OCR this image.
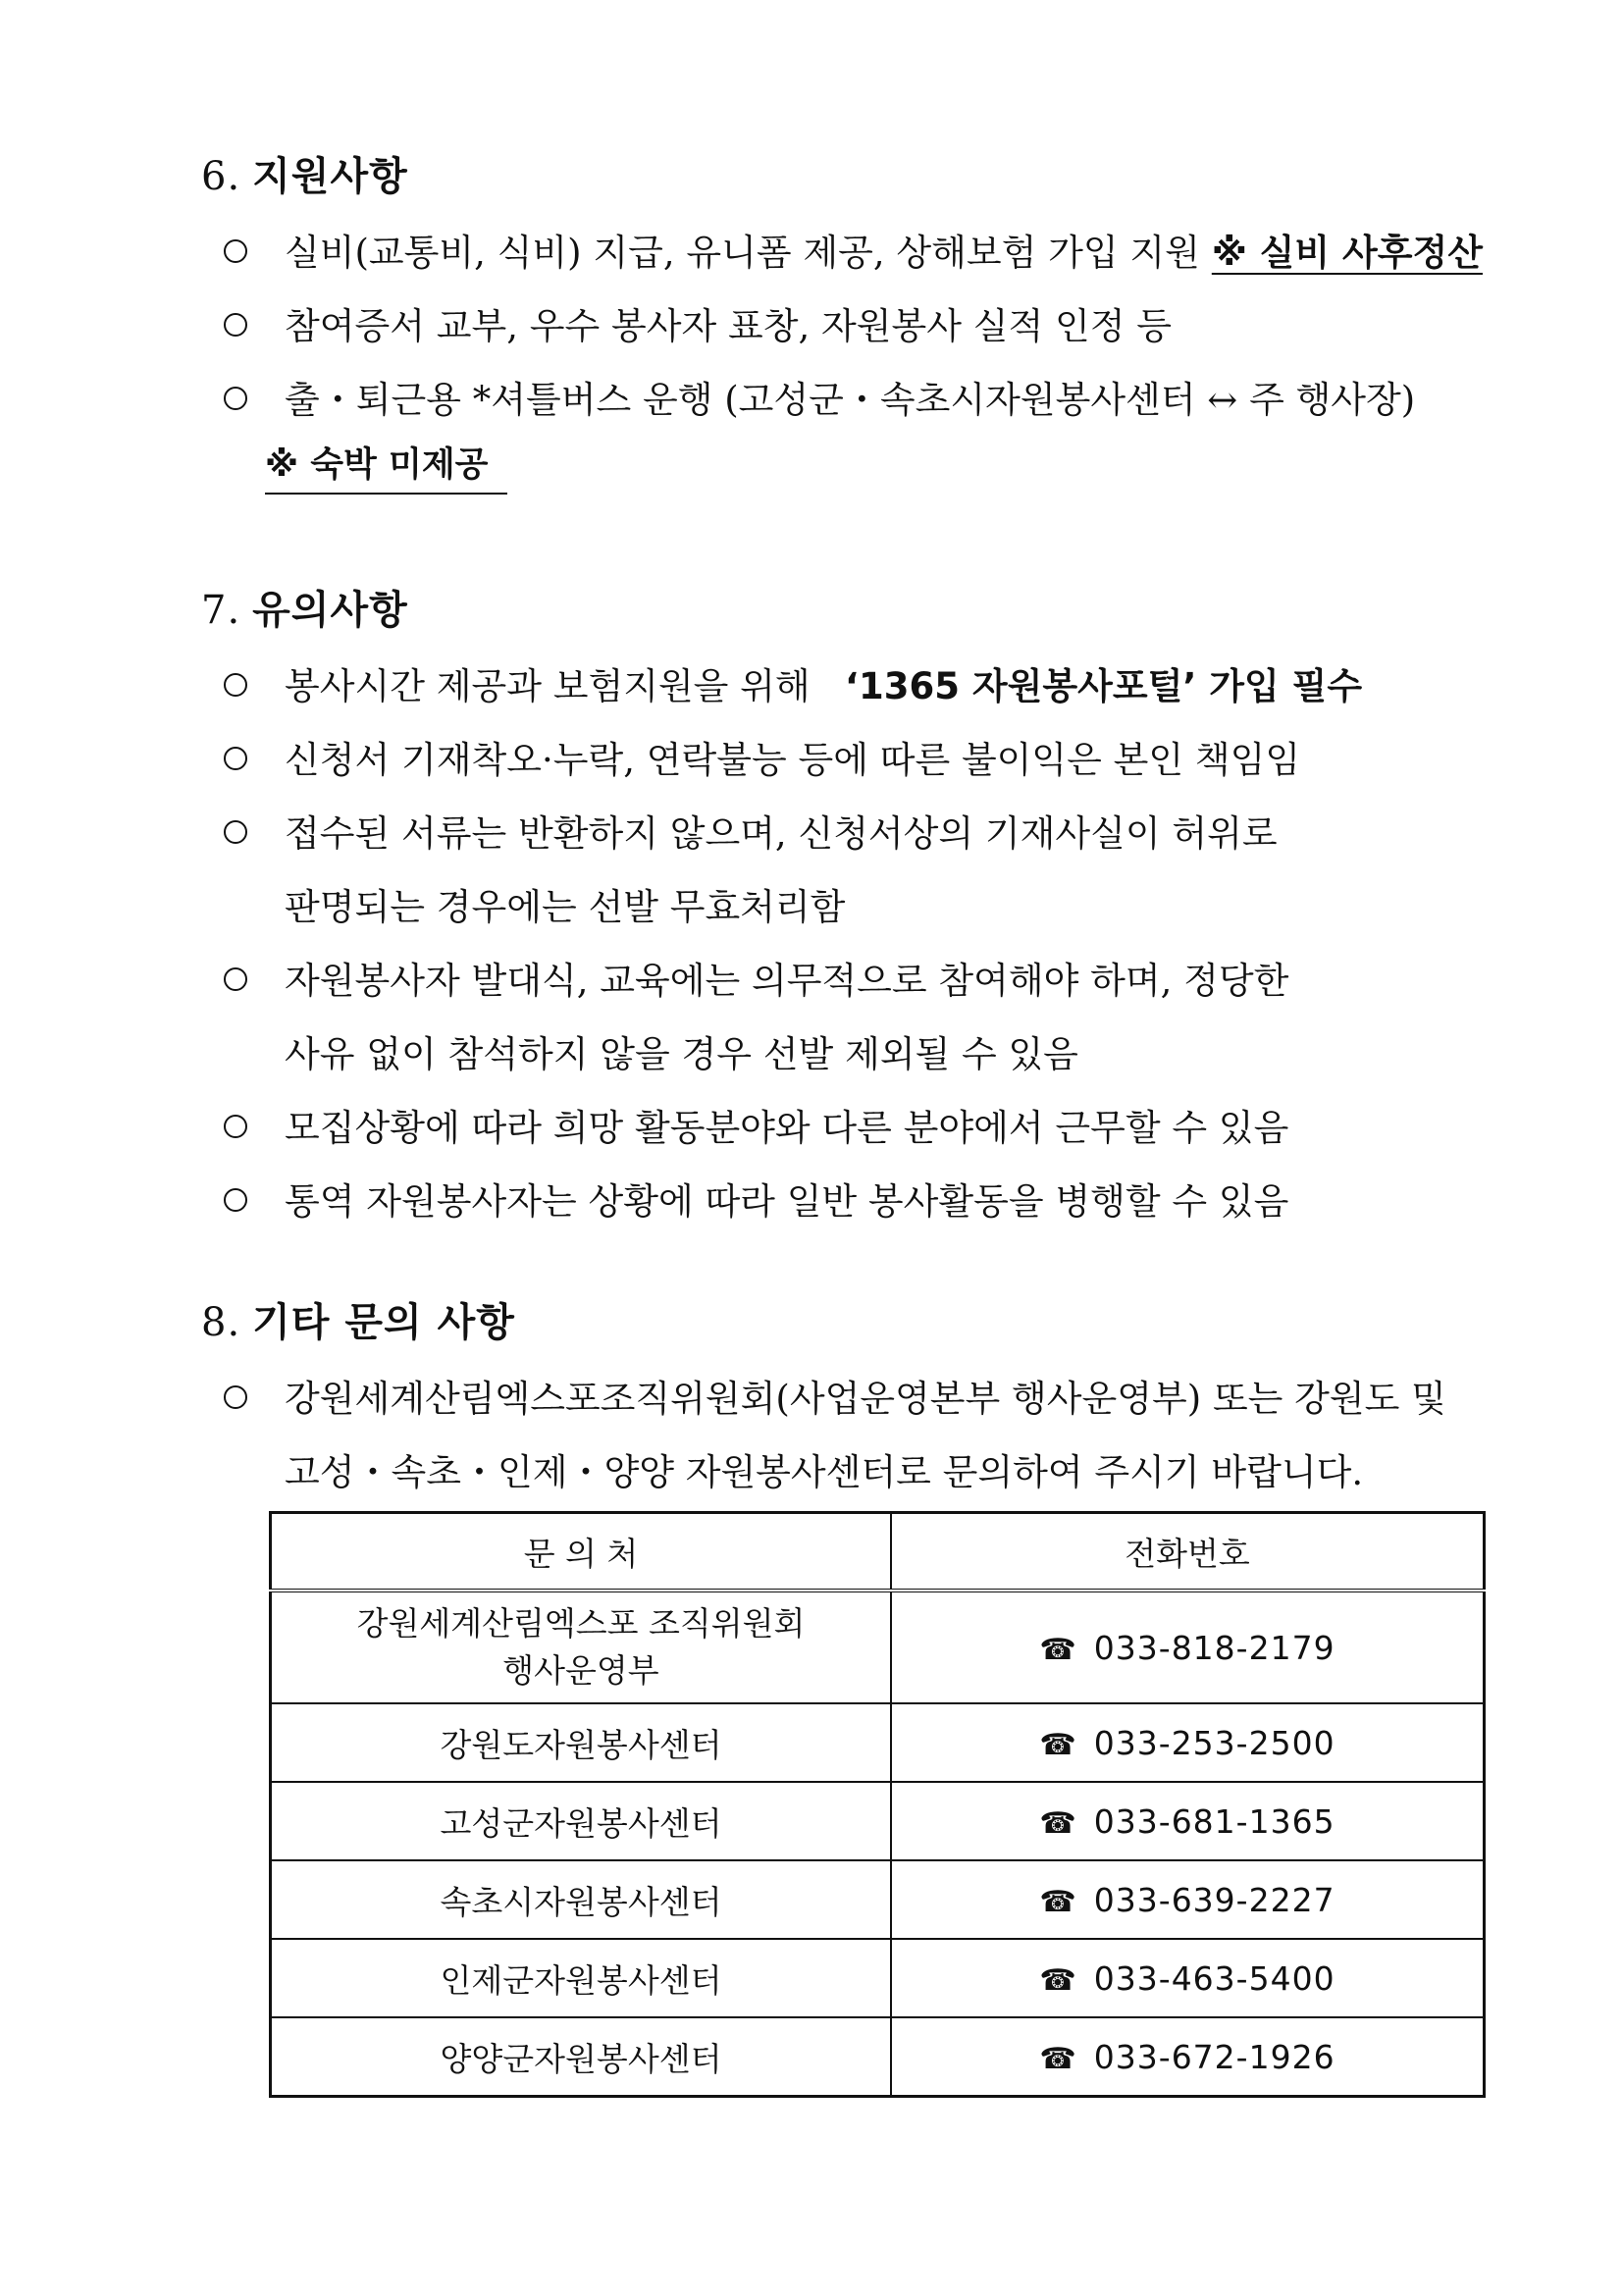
6. 지원사항
실비(교통비, 식비) 지급, 유니폼 제공, 상해보험 가입 지원 ※ 실비 사후정산
참여증서 교부, 우수 봉사자 표창, 자원봉사 실적 인정 등
출・퇴근용 *셔틀버스 운행 (고성군・속초시자원봉사센터 ↔ 주 행사장)
※ 숙박 미제공
7. 유의사항
봉사시간 제공과 보험지원을 위해 ‘1365 자원봉사포털’ 가입 필수
신청서 기재착오·누락, 연락불능 등에 따른 불이익은 본인 책임임
접수된 서류는 반환하지 않으며, 신청서상의 기재사실이 허위로
판명되는 경우에는 선발 무효처리함
자원봉사자 발대식, 교육에는 의무적으로 참여해야 하며, 정당한
사유 없이 참석하지 않을 경우 선발 제외될 수 있음
모집상황에 따라 희망 활동분야와 다른 분야에서 근무할 수 있음
통역 자원봉사자는 상황에 따라 일반 봉사활동을 병행할 수 있음
8. 기타 문의 사항
강원세계산림엑스포조직위원회(사업운영본부 행사운영부) 또는 강원도 및
고성・속초・인제・양양 자원봉사센터로 문의하여 주시기 바랍니다.
문 의 처	전화번호

강원세계산림엑스포 조직위원회
행사운영부	☎ 033-818-2179
강원도자원봉사센터	☎ 033-253-2500
고성군자원봉사센터	☎ 033-681-1365
속초시자원봉사센터	☎ 033-639-2227
인제군자원봉사센터	☎ 033-463-5400
양양군자원봉사센터	☎ 033-672-1926
